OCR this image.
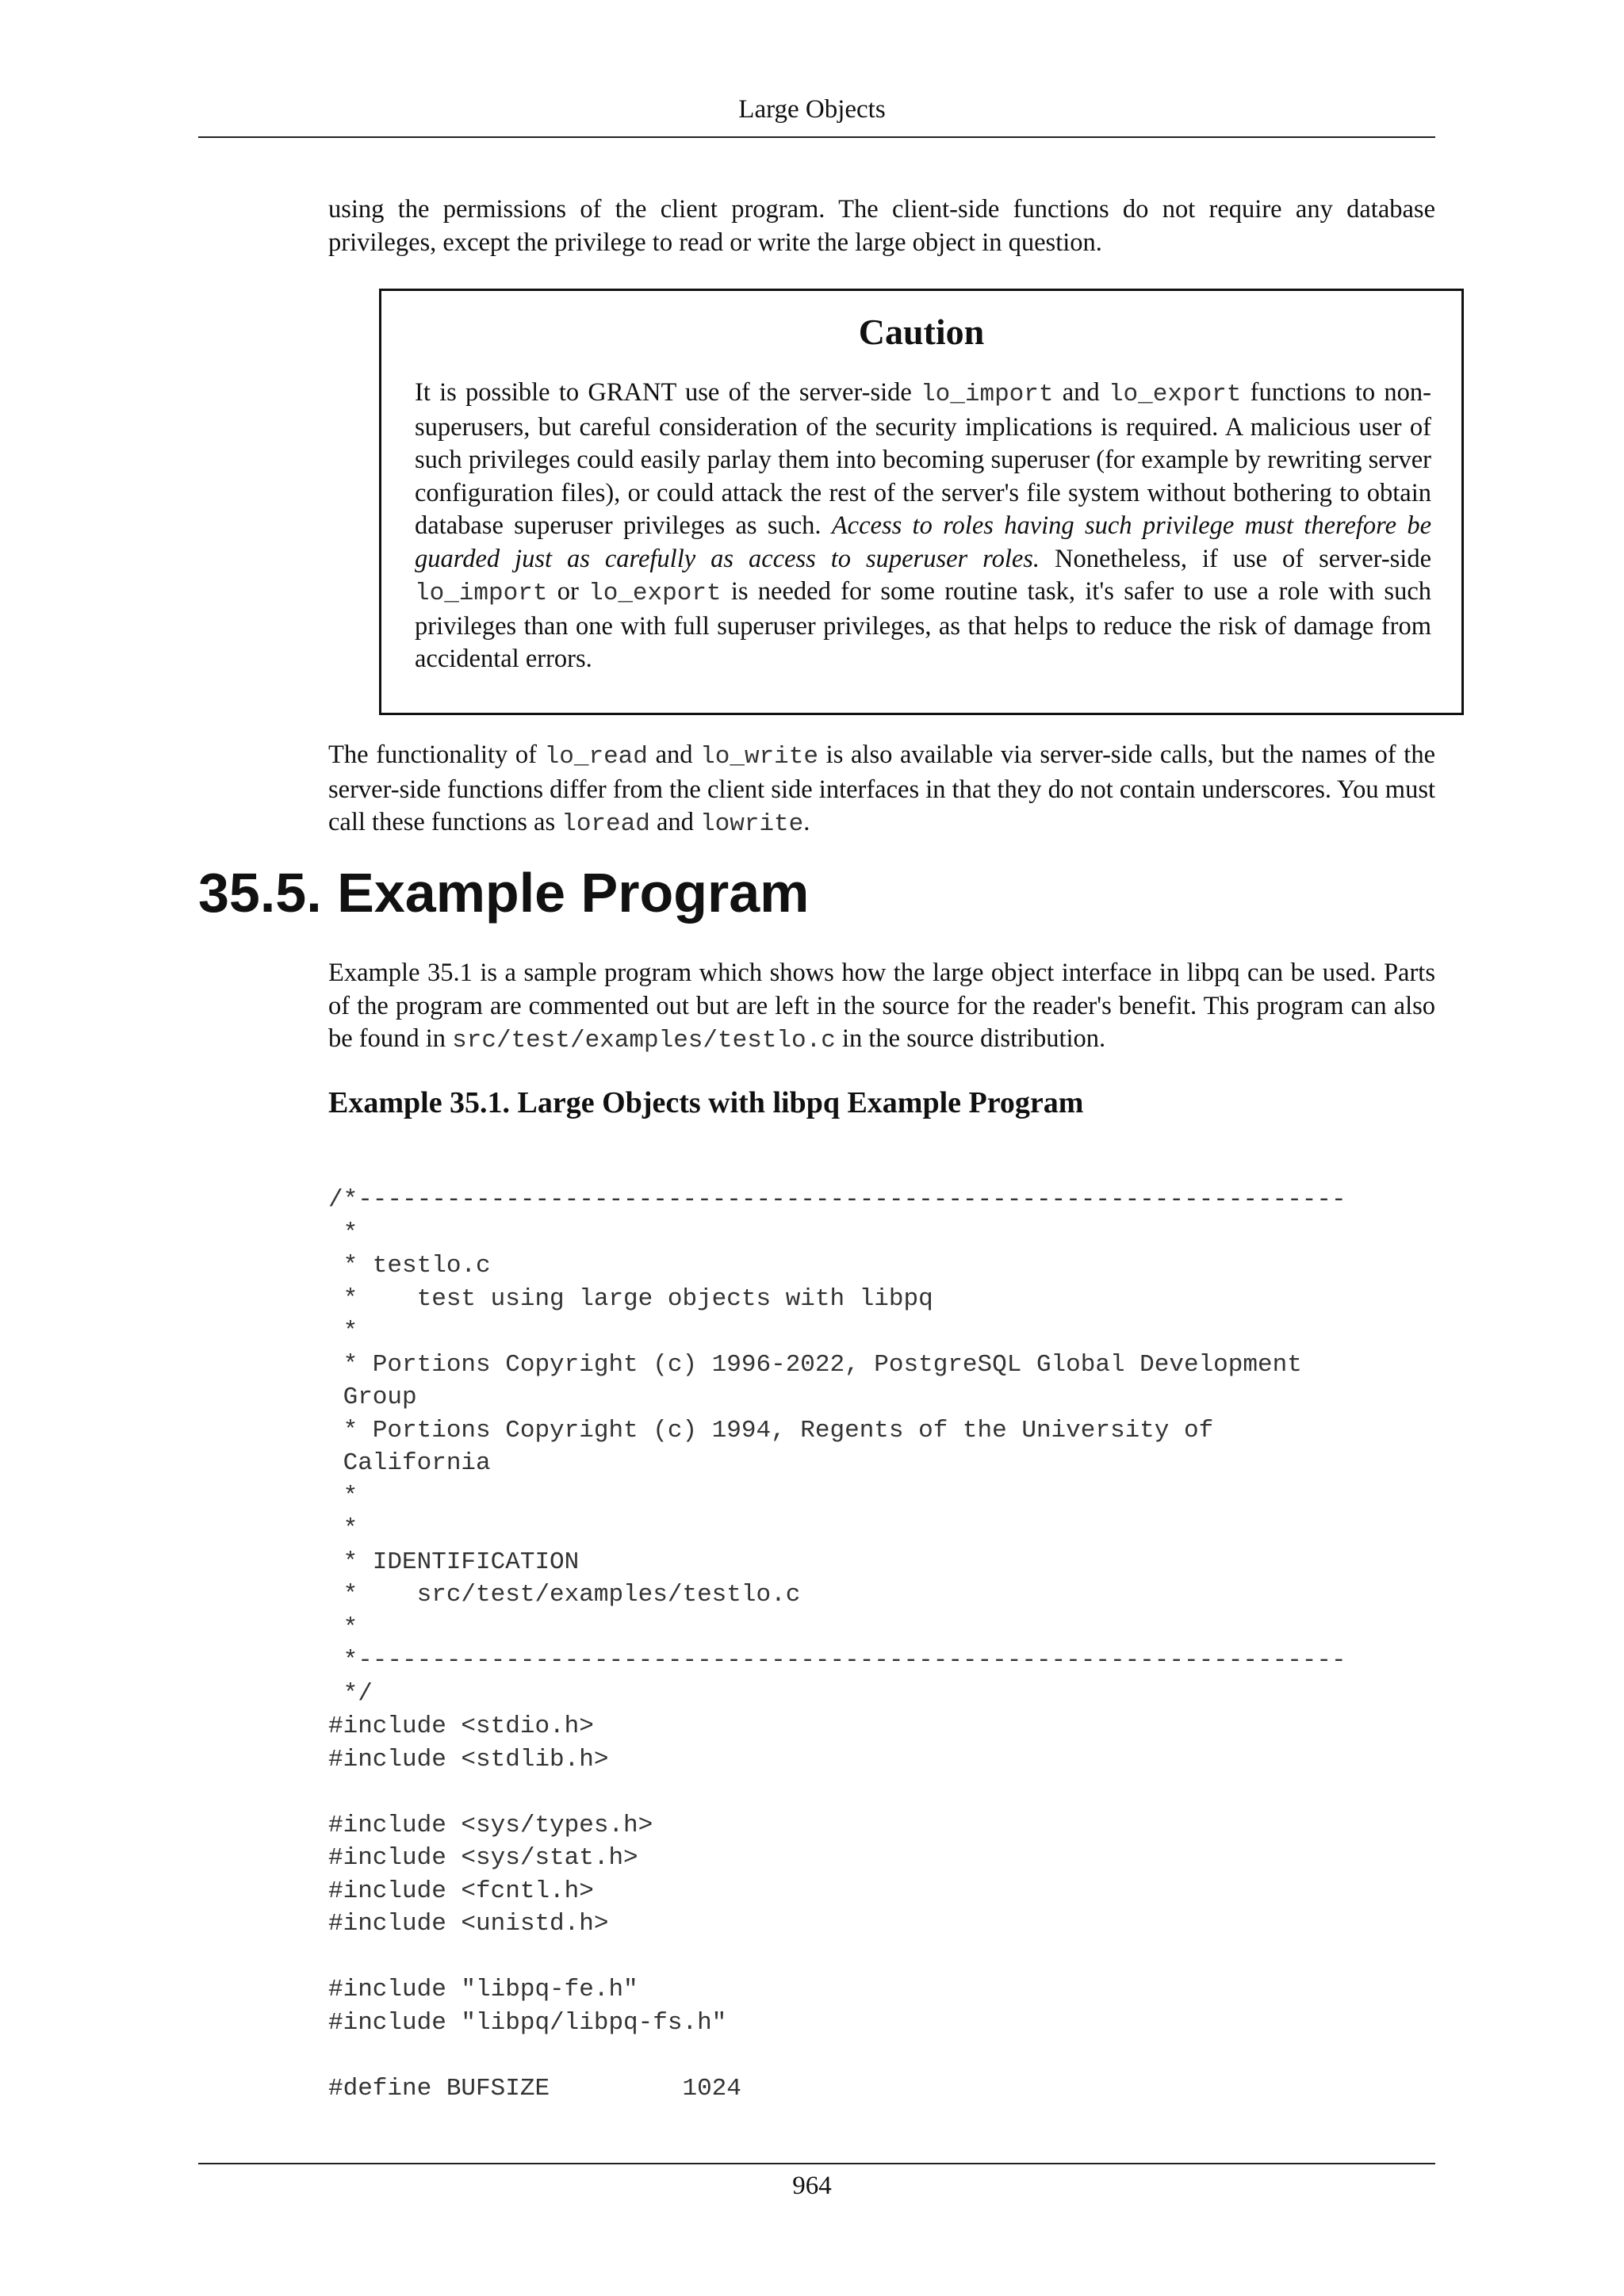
Large Objects

using the permissions of the client program. The client-side functions do not require any database privileges, except the privilege to read or write the large object in question.

Caution

It is possible to GRANT use of the server-side lo_import and lo_export functions to non-superusers, but careful consideration of the security implications is required. A malicious user of such privileges could easily parlay them into becoming superuser (for example by rewriting server configuration files), or could attack the rest of the server's file system without bothering to obtain database superuser privileges as such. Access to roles having such privilege must therefore be guarded just as carefully as access to superuser roles. Nonetheless, if use of server-side lo_import or lo_export is needed for some routine task, it's safer to use a role with such privileges than one with full superuser privileges, as that helps to reduce the risk of damage from accidental errors.

The functionality of lo_read and lo_write is also available via server-side calls, but the names of the server-side functions differ from the client side interfaces in that they do not contain underscores. You must call these functions as loread and lowrite.

35.5. Example Program

Example 35.1 is a sample program which shows how the large object interface in libpq can be used. Parts of the program are commented out but are left in the source for the reader's benefit. This program can also be found in src/test/examples/testlo.c in the source distribution.

Example 35.1. Large Objects with libpq Example Program
/*-------------------------------------------------------------------
*
* testlo.c
*    test using large objects with libpq
*
* Portions Copyright (c) 1996-2022, PostgreSQL Global Development
Group
* Portions Copyright (c) 1994, Regents of the University of
California
*
*
* IDENTIFICATION
*    src/test/examples/testlo.c
*
*-------------------------------------------------------------------
*/
#include <stdio.h>
#include <stdlib.h>

#include <sys/types.h>
#include <sys/stat.h>
#include <fcntl.h>
#include <unistd.h>

#include "libpq-fe.h"
#include "libpq/libpq-fs.h"

#define BUFSIZE         1024
964
